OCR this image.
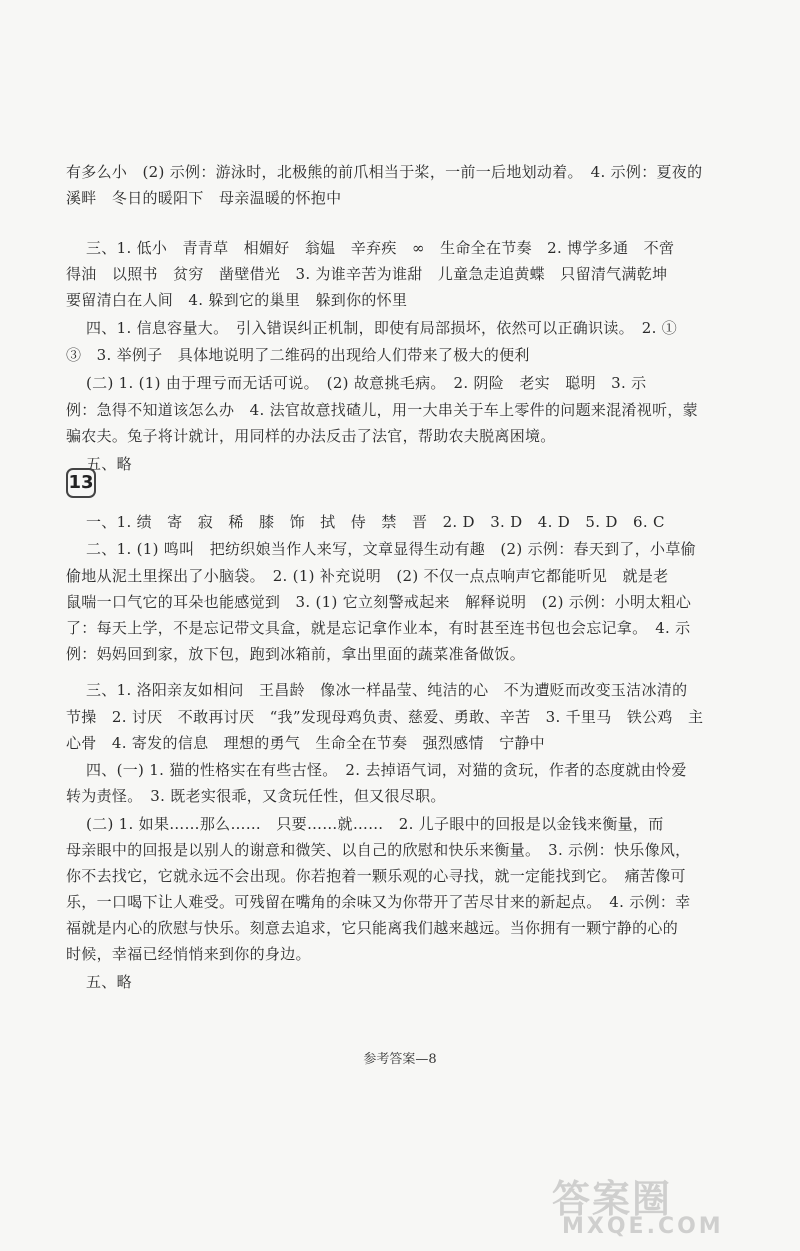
有多么小　(2) 示例：游泳时，北极熊的前爪相当于桨，一前一后地划动着。　4. 示例：夏夜的
溪畔　冬日的暖阳下　母亲温暖的怀抱中
三、1. 低小　青青草　相媚好　翁媪　辛弃疾　∞　生命全在节奏　2. 博学多通　不啻
得油　以照书　贫穷　凿壁借光　3. 为谁辛苦为谁甜　儿童急走追黄蝶　只留清气满乾坤
要留清白在人间　4. 躲到它的巢里　躲到你的怀里
四、1. 信息容量大。　引入错误纠正机制，即使有局部损坏，依然可以正确识读。　2. ①
③　3. 举例子　具体地说明了二维码的出现给人们带来了极大的便利
(二) 1. (1) 由于理亏而无话可说。　(2) 故意挑毛病。　2. 阴险　老实　聪明　3. 示
例：急得不知道该怎么办　4. 法官故意找碴儿，用一大串关于车上零件的问题来混淆视听，蒙
骗农夫。兔子将计就计，用同样的办法反击了法官，帮助农夫脱离困境。
五、略
13
一、1. 绩　寄　寂　稀　膝　饰　拭　侍　禁　晋　2. D　3. D　4. D　5. D　6. C
二、1. (1) 鸣叫　把纺织娘当作人来写，文章显得生动有趣　(2) 示例：春天到了，小草偷
偷地从泥土里探出了小脑袋。　2. (1) 补充说明　(2) 不仅一点点响声它都能听见　就是老
鼠喘一口气它的耳朵也能感觉到　3. (1) 它立刻警戒起来　解释说明　(2) 示例：小明太粗心
了：每天上学，不是忘记带文具盒，就是忘记拿作业本，有时甚至连书包也会忘记拿。　4. 示
例：妈妈回到家，放下包，跑到冰箱前，拿出里面的蔬菜准备做饭。
三、1. 洛阳亲友如相问　王昌龄　像冰一样晶莹、纯洁的心　不为遭贬而改变玉洁冰清的
节操　2. 讨厌　不敢再讨厌　“我”发现母鸡负责、慈爱、勇敢、辛苦　3. 千里马　铁公鸡　主
心骨　4. 寄发的信息　理想的勇气　生命全在节奏　强烈感情　宁静中
四、(一) 1. 猫的性格实在有些古怪。　2. 去掉语气词，对猫的贪玩，作者的态度就由怜爱
转为责怪。　3. 既老实很乖，又贪玩任性，但又很尽职。
(二) 1. 如果……那么……　只要……就……　2. 儿子眼中的回报是以金钱来衡量，而
母亲眼中的回报是以别人的谢意和微笑、以自己的欣慰和快乐来衡量。　3. 示例：快乐像风，
你不去找它，它就永远不会出现。你若抱着一颗乐观的心寻找，就一定能找到它。　痛苦像可
乐，一口喝下让人难受。可残留在嘴角的余味又为你带开了苦尽甘来的新起点。　4. 示例：幸
福就是内心的欣慰与快乐。刻意去追求，它只能离我们越来越远。当你拥有一颗宁静的心的
时候，幸福已经悄悄来到你的身边。
五、略
参考答案—8
答案圈
MXQE.COM
